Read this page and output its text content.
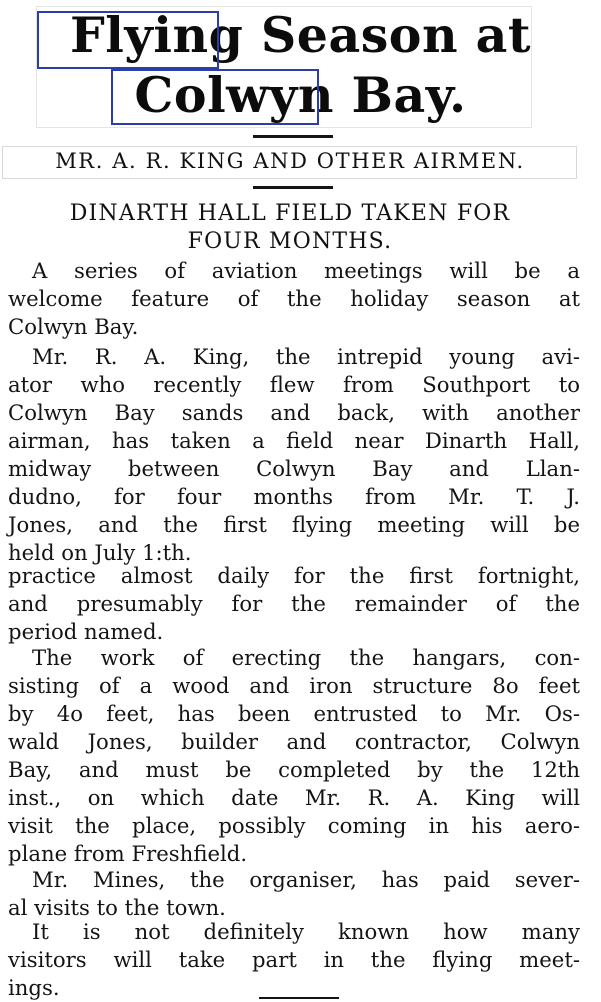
Flying Season at
Colwyn Bay.
MR. A. R. KING AND OTHER AIRMEN.
DINARTH HALL FIELD TAKEN FOR
FOUR MONTHS.
A series of aviation meetings will be a
welcome feature of the holiday season at
Colwyn Bay.
Mr. R. A. King, the intrepid young avi-
ator who recently flew from Southport to
Colwyn Bay sands and back, with another
airman, has taken a field near Dinarth Hall,
midway between Colwyn Bay and Llan-
dudno, for four months from Mr. T. J.
Jones, and the first flying meeting will be
held on July 1:th.
practice almost daily for the first fortnight,
and presumably for the remainder of the
period named.
The work of erecting the hangars, con-
sisting of a wood and iron structure 8o feet
by 4o feet, has been entrusted to Mr. Os-
wald Jones, builder and contractor, Colwyn
Bay, and must be completed by the 12th
inst., on which date Mr. R. A. King will
visit the place, possibly coming in his aero-
plane from Freshfield.
Mr. Mines, the organiser, has paid sever-
al visits to the town.
It is not definitely known how many
visitors will take part in the flying meet-
ings.
